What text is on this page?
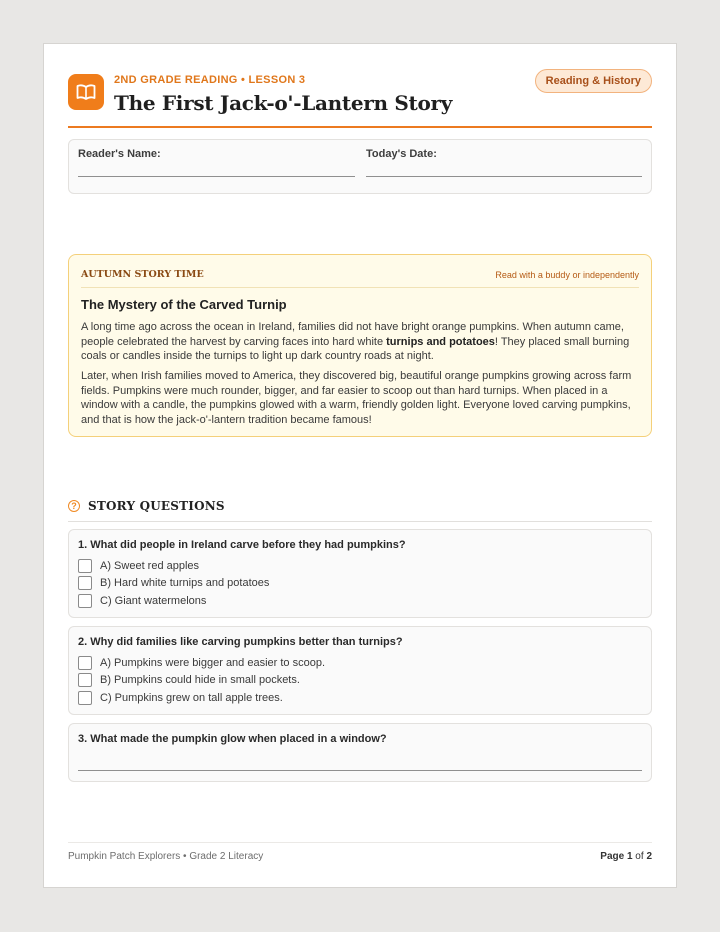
2ND GRADE READING • LESSON 3
The First Jack-o'-Lantern Story
Reading & History
Reader's Name:	Today's Date:
AUTUMN STORY TIME	Read with a buddy or independently
The Mystery of the Carved Turnip

A long time ago across the ocean in Ireland, families did not have bright orange pumpkins. When autumn came, people celebrated the harvest by carving faces into hard white turnips and potatoes! They placed small burning coals or candles inside the turnips to light up dark country roads at night.

Later, when Irish families moved to America, they discovered big, beautiful orange pumpkins growing across farm fields. Pumpkins were much rounder, bigger, and far easier to scoop out than hard turnips. When placed in a window with a candle, the pumpkins glowed with a warm, friendly golden light. Everyone loved carving pumpkins, and that is how the jack-o'-lantern tradition became famous!

? STORY QUESTIONS
1. What did people in Ireland carve before they had pumpkins?
A) Sweet red apples
B) Hard white turnips and potatoes
C) Giant watermelons
2. Why did families like carving pumpkins better than turnips?
A) Pumpkins were bigger and easier to scoop.
B) Pumpkins could hide in small pockets.
C) Pumpkins grew on tall apple trees.
3. What made the pumpkin glow when placed in a window?
Pumpkin Patch Explorers • Grade 2 Literacy	Page 1 of 2
